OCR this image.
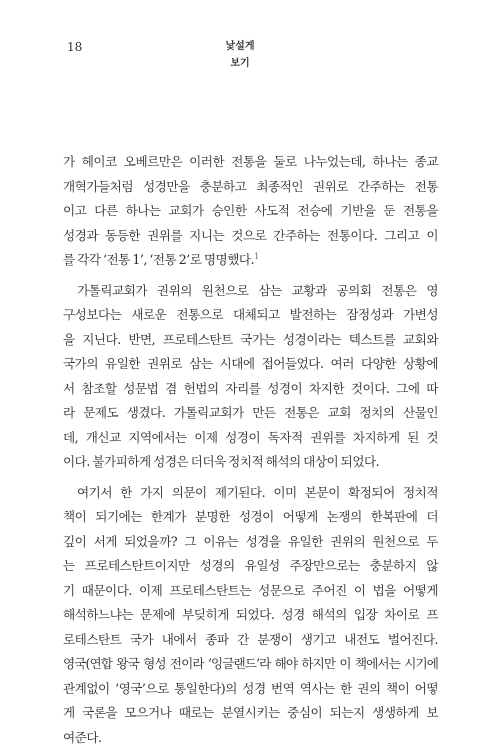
18	낯설게
보기
가 헤이코 오베르만은 이러한 전통을 둘로 나누었는데, 하나는 종교
개혁가들처럼 성경만을 충분하고 최종적인 권위로 간주하는 전통
이고 다른 하나는 교회가 승인한 사도적 전승에 기반을 둔 전통을
성경과 동등한 권위를 지니는 것으로 간주하는 전통이다. 그리고 이
를 각각 ‘전통 1’, ‘전통 2’로 명명했다.$^1$
가톨릭교회가 권위의 원천으로 삼는 교황과 공의회 전통은 영
구성보다는 새로운 전통으로 대체되고 발전하는 잠정성과 가변성
을 지닌다. 반면, 프로테스탄트 국가는 성경이라는 텍스트를 교회와
국가의 유일한 권위로 삼는 시대에 접어들었다. 여러 다양한 상황에
서 참조할 성문법 겸 헌법의 자리를 성경이 차지한 것이다. 그에 따
라 문제도 생겼다. 가톨릭교회가 만든 전통은 교회 정치의 산물인
데, 개신교 지역에서는 이제 성경이 독자적 권위를 차지하게 된 것
이다. 불가피하게 성경은 더더욱 정치적 해석의 대상이 되었다.
여기서 한 가지 의문이 제기된다. 이미 본문이 확정되어 정치적
책이 되기에는 한계가 분명한 성경이 어떻게 논쟁의 한복판에 더
깊이 서게 되었을까? 그 이유는 성경을 유일한 권위의 원천으로 두
는 프로테스탄트이지만 성경의 유일성 주장만으로는 충분하지 않
기 때문이다. 이제 프로테스탄트는 성문으로 주어진 이 법을 어떻게
해석하느냐는 문제에 부딪히게 되었다. 성경 해석의 입장 차이로 프
로테스탄트 국가 내에서 종파 간 분쟁이 생기고 내전도 벌어진다.
영국(연합 왕국 형성 전이라 ‘잉글랜드’라 해야 하지만 이 책에서는 시기에
관계없이 ‘영국’으로 통일한다)의 성경 번역 역사는 한 권의 책이 어떻
게 국론을 모으거나 때로는 분열시키는 중심이 되는지 생생하게 보
여준다.
